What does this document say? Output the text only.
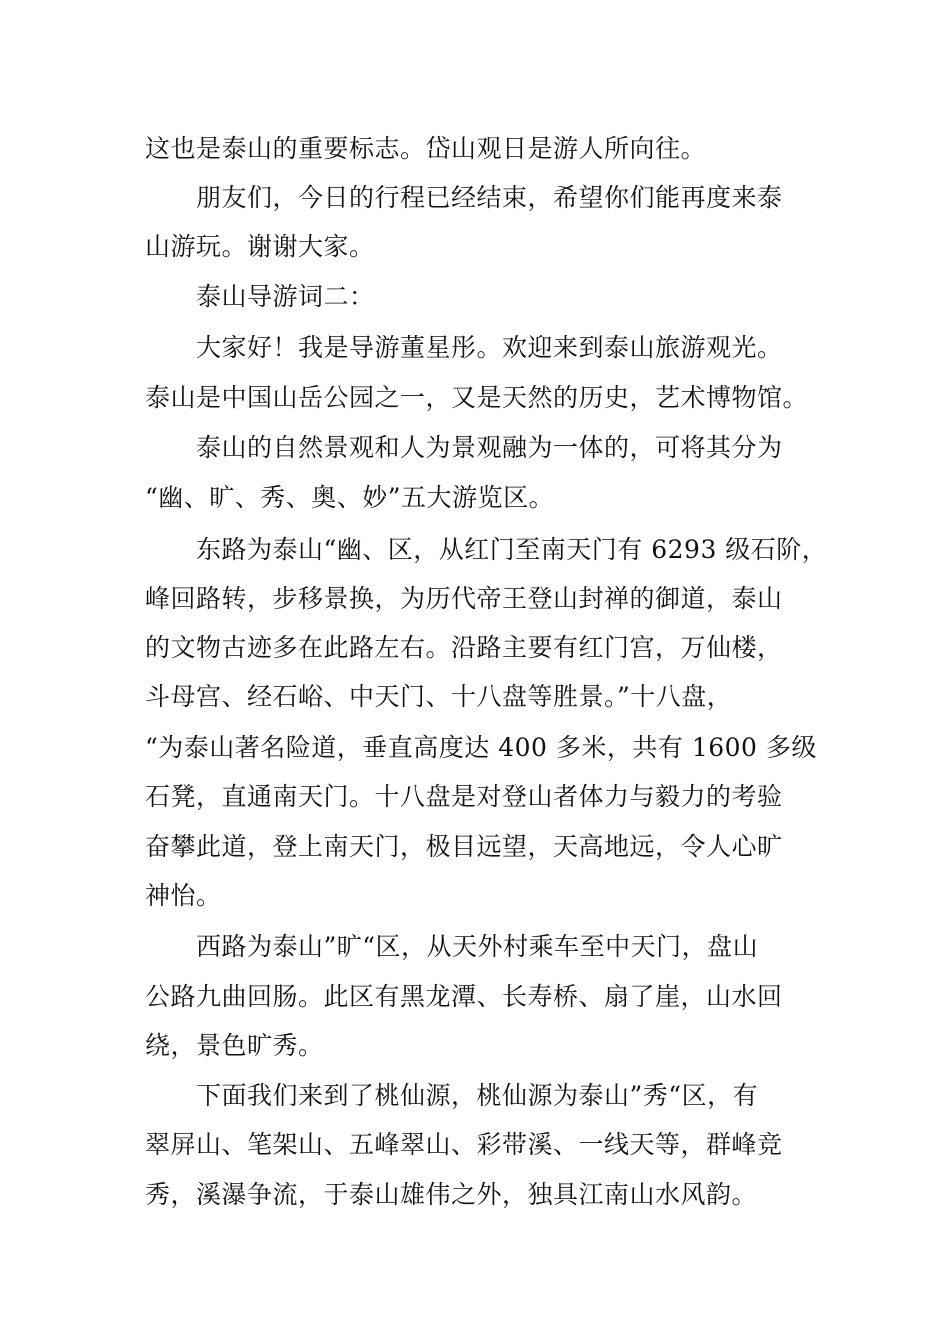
这也是泰山的重要标志。岱山观日是游人所向往。
朋友们，今日的行程已经结束，希望你们能再度来泰
山游玩。谢谢大家。
泰山导游词二：
大家好！我是导游董星彤。欢迎来到泰山旅游观光。
泰山是中国山岳公园之一，又是天然的历史，艺术博物馆。
泰山的自然景观和人为景观融为一体的，可将其分为
“幽、旷、秀、奥、妙”五大游览区。
东路为泰山“幽、区，从红门至南天门有 6293 级石阶，
峰回路转，步移景换，为历代帝王登山封禅的御道，泰山
的文物古迹多在此路左右。沿路主要有红门宫，万仙楼，
斗母宫、经石峪、中天门、十八盘等胜景。”十八盘，
“为泰山著名险道，垂直高度达 400 多米，共有 1600 多级
石凳，直通南天门。十八盘是对登山者体力与毅力的考验
奋攀此道，登上南天门，极目远望，天高地远，令人心旷
神怡。
西路为泰山”旷“区，从天外村乘车至中天门，盘山
公路九曲回肠。此区有黑龙潭、长寿桥、扇了崖，山水回
绕，景色旷秀。
下面我们来到了桃仙源，桃仙源为泰山”秀“区，有
翠屏山、笔架山、五峰翠山、彩带溪、一线天等，群峰竞
秀，溪瀑争流，于泰山雄伟之外，独具江南山水风韵。
